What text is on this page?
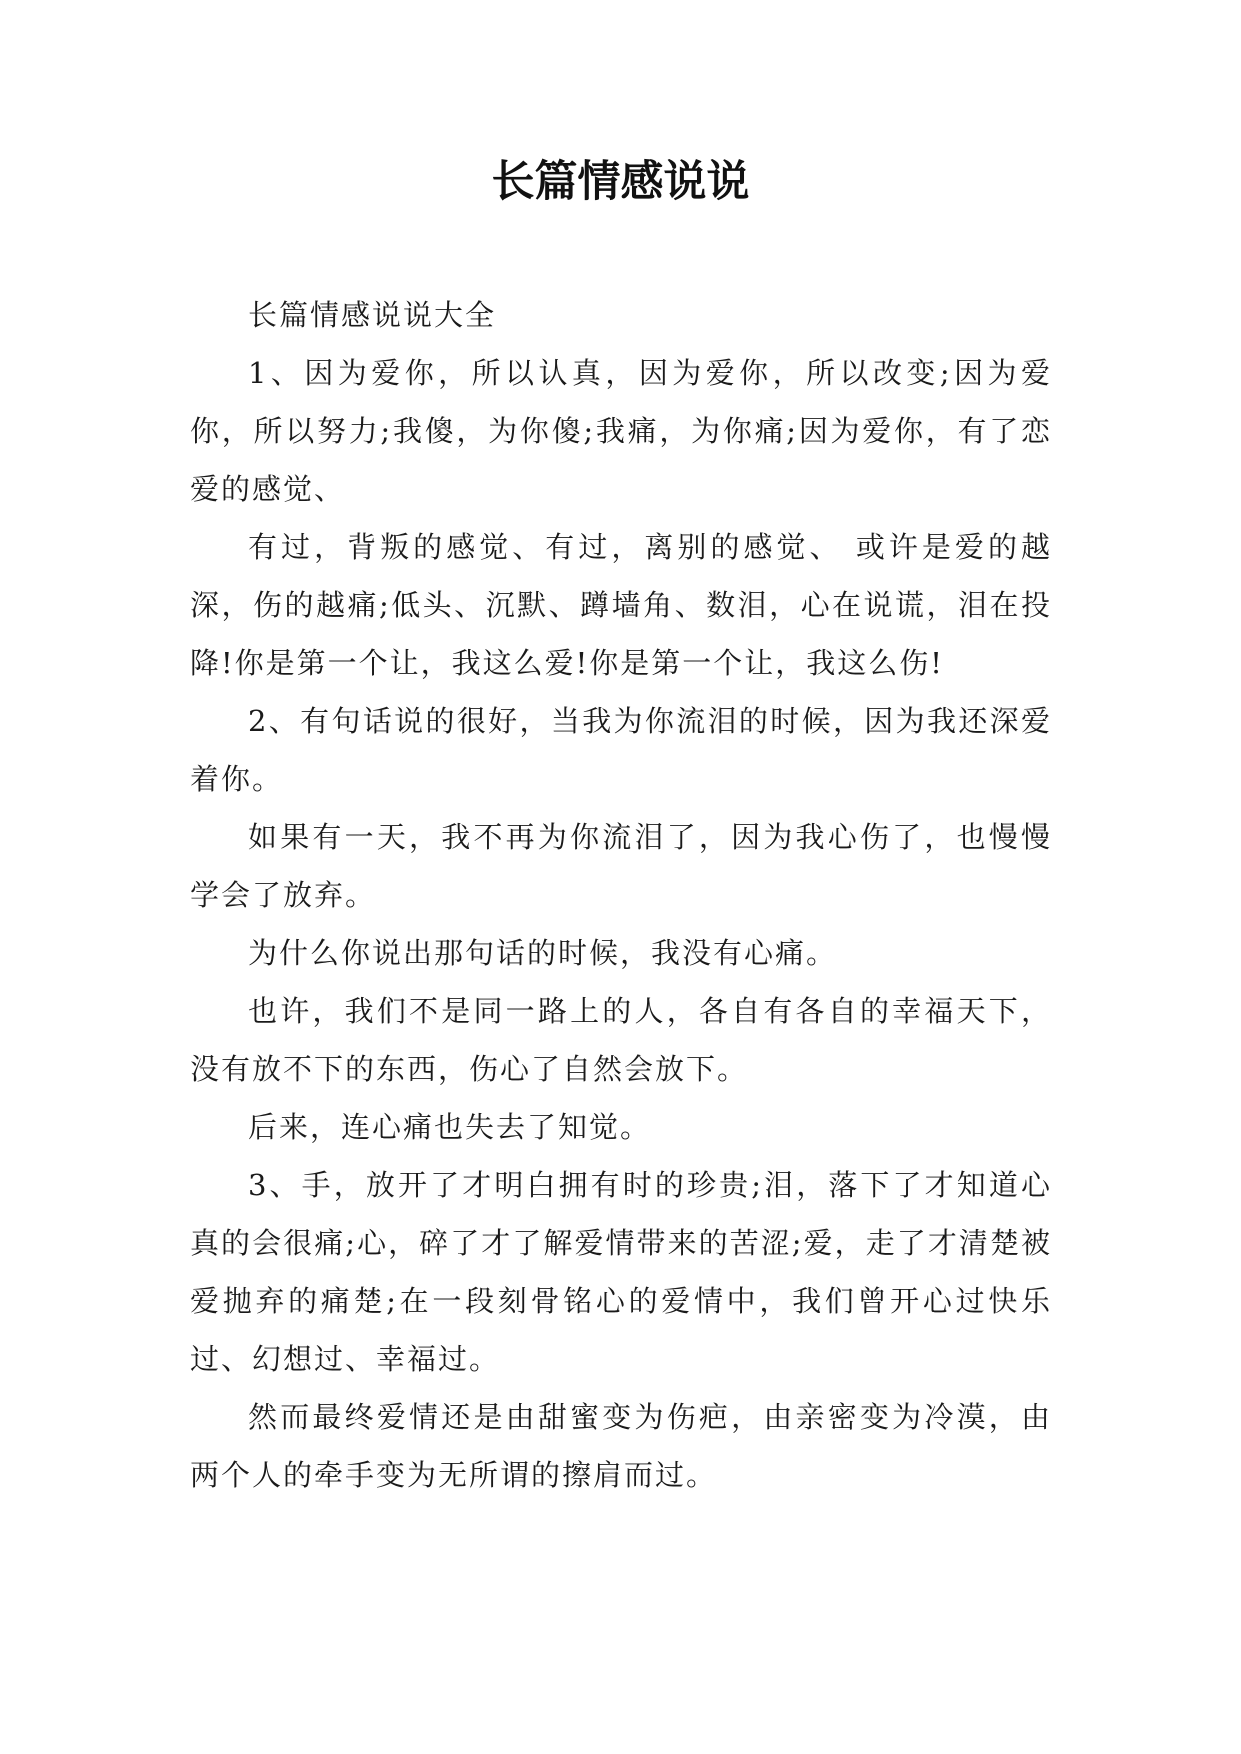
长篇情感说说

长篇情感说说大全

1、因为爱你，所以认真，因为爱你，所以改变;因为爱你，所以努力;我傻，为你傻;我痛，为你痛;因为爱你，有了恋爱的感觉、

有过，背叛的感觉、有过，离别的感觉、 或许是爱的越深，伤的越痛;低头、沉默、蹲墙角、数泪，心在说谎，泪在投降!你是第一个让，我这么爱!你是第一个让，我这么伤!

2、有句话说的很好，当我为你流泪的时候，因为我还深爱着你。

如果有一天，我不再为你流泪了，因为我心伤了，也慢慢学会了放弃。

为什么你说出那句话的时候，我没有心痛。

也许，我们不是同一路上的人，各自有各自的幸福天下，没有放不下的东西，伤心了自然会放下。

后来，连心痛也失去了知觉。

3、手，放开了才明白拥有时的珍贵;泪，落下了才知道心真的会很痛;心，碎了才了解爱情带来的苦涩;爱，走了才清楚被爱抛弃的痛楚;在一段刻骨铭心的爱情中，我们曾开心过快乐过、幻想过、幸福过。

然而最终爱情还是由甜蜜变为伤疤，由亲密变为冷漠，由两个人的牵手变为无所谓的擦肩而过。
